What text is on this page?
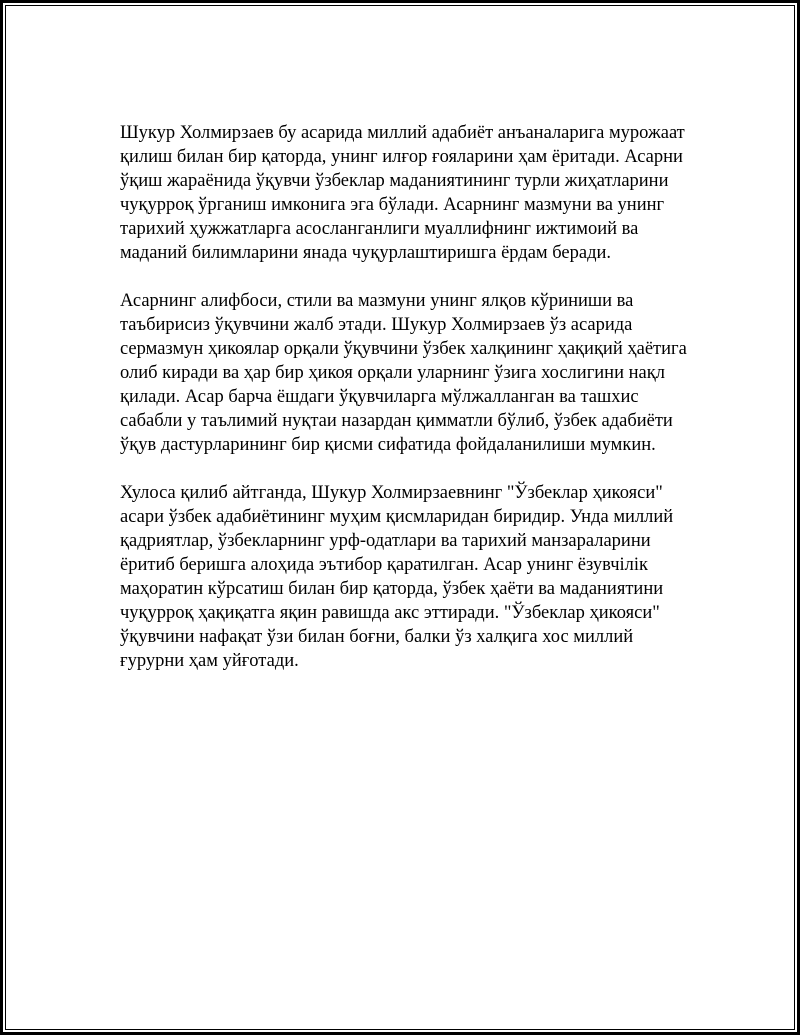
Шукур Холмирзаев бу асарида миллий адабиёт анъаналарига мурожаат
қилиш билан бир қаторда, унинг илғор ғояларини ҳам ёритади. Асарни
ўқиш жараёнида ўқувчи ўзбеклар маданиятининг турли жиҳатларини
чуқурроқ ўрганиш имконига эга бўлади. Асарнинг мазмуни ва унинг
тарихий ҳужжатларга асосланганлиги муаллифнинг ижтимоий ва
маданий билимларини янада чуқурлаштиришга ёрдам беради.

Асарнинг алифбоси, стили ва мазмуни унинг ялқов кўриниши ва
таъбирисиз ўқувчини жалб этади. Шукур Холмирзаев ўз асарида
сермазмун ҳикоялар орқали ўқувчини ўзбек халқининг ҳақиқий ҳаётига
олиб киради ва ҳар бир ҳикоя орқали уларнинг ўзига хослигини нақл
қилади. Асар барча ёшдаги ўқувчиларга мўлжалланган ва ташхис
сабабли у таълимий нуқтаи назардан қимматли бўлиб, ўзбек адабиёти
ўқув дастурларининг бир қисми сифатида фойдаланилиши мумкин.

Хулоса қилиб айтганда, Шукур Холмирзаевнинг "Ўзбеклар ҳикояси"
асари ўзбек адабиётининг муҳим қисмларидан биридир. Унда миллий
қадриятлар, ўзбекларнинг урф-одатлари ва тарихий манзараларини
ёритиб беришга алоҳида эътибор қаратилган. Асар унинг ёзувчiлiк
маҳоратин кўрсатиш билан бир қаторда, ўзбек ҳаёти ва маданиятини
чуқурроқ ҳақиқатга яқин равишда акс эттиради. "Ўзбеклар ҳикояси"
ўқувчини нафақат ўзи билан боғни, балки ўз халқига хос миллий
ғурурни ҳам уйғотади.
